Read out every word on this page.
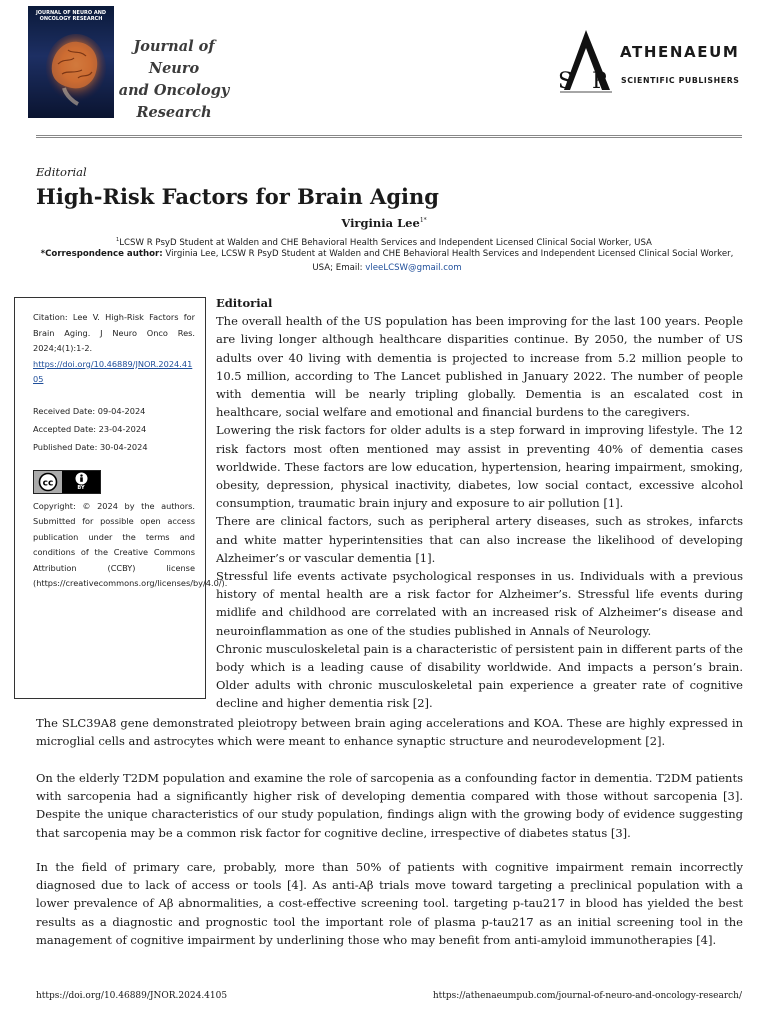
JOURNAL OF NEURO AND ONCOLOGY RESEARCH
Journal of Neuro
and Oncology
Research
S P
ATHENAEUM
SCIENTIFIC PUBLISHERS
Editorial
High-Risk Factors for Brain Aging
Virginia Lee$^{1*}$
$^1$LCSW R PsyD Student at Walden and CHE Behavioral Health Services and Independent Licensed Clinical Social Worker, USA
*Correspondence author: Virginia Lee, LCSW R PsyD Student at Walden and CHE Behavioral Health Services and Independent Licensed Clinical Social Worker, USA; Email: vleeLCSW@gmail.com
Citation: Lee V. High-Risk Factors for Brain Aging. J Neuro Onco Res. 2024;4(1):1-2.
https://doi.org/10.46889/JNOR.2024.4105
Received Date: 09-04-2024
Accepted Date: 23-04-2024
Published Date: 30-04-2024
cc	BY
Copyright: © 2024 by the authors. Submitted for possible open access publication under the terms and conditions of the Creative Commons Attribution (CCBY) license (https://creativecommons.org/licenses/by/4.0/).
Editorial

The overall health of the US population has been improving for the last 100 years. People are living longer although healthcare disparities continue. By 2050, the number of US adults over 40 living with dementia is projected to increase from 5.2 million people to 10.5 million, according to The Lancet published in January 2022. The number of people with dementia will be nearly tripling globally. Dementia is an escalated cost in healthcare, social welfare and emotional and financial burdens to the caregivers.

Lowering the risk factors for older adults is a step forward in improving lifestyle. The 12 risk factors most often mentioned may assist in preventing 40% of dementia cases worldwide. These factors are low education, hypertension, hearing impairment, smoking, obesity, depression, physical inactivity, diabetes, low social contact, excessive alcohol consumption, traumatic brain injury and exposure to air pollution [1].

There are clinical factors, such as peripheral artery diseases, such as strokes, infarcts and white matter hyperintensities that can also increase the likelihood of developing Alzheimer’s or vascular dementia [1].

Stressful life events activate psychological responses in us. Individuals with a previous history of mental health are a risk factor for Alzheimer’s. Stressful life events during midlife and childhood are correlated with an increased risk of Alzheimer’s disease and neuroinflammation as one of the studies published in Annals of Neurology.

Chronic musculoskeletal pain is a characteristic of persistent pain in different parts of the body which is a leading cause of disability worldwide. And impacts a person’s brain. Older adults with chronic musculoskeletal pain experience a greater rate of cognitive decline and higher dementia risk [2].

The SLC39A8 gene demonstrated pleiotropy between brain aging accelerations and KOA. These are highly expressed in microglial cells and astrocytes which were meant to enhance synaptic structure and neurodevelopment [2].

On the elderly T2DM population and examine the role of sarcopenia as a confounding factor in dementia. T2DM patients with sarcopenia had a significantly higher risk of developing dementia compared with those without sarcopenia [3]. Despite the unique characteristics of our study population, findings align with the growing body of evidence suggesting that sarcopenia may be a common risk factor for cognitive decline, irrespective of diabetes status [3].

In the field of primary care, probably, more than 50% of patients with cognitive impairment remain incorrectly diagnosed due to lack of access or tools [4]. As anti-Aβ trials move toward targeting a preclinical population with a lower prevalence of Aβ abnormalities, a cost-effective screening tool. targeting p-tau217 in blood has yielded the best results as a diagnostic and prognostic tool the important role of plasma p-tau217 as an initial screening tool in the management of cognitive impairment by underlining those who may benefit from anti-amyloid immunotherapies [4].

https://doi.org/10.46889/JNOR.2024.4105	https://athenaeumpub.com/journal-of-neuro-and-oncology-research/
